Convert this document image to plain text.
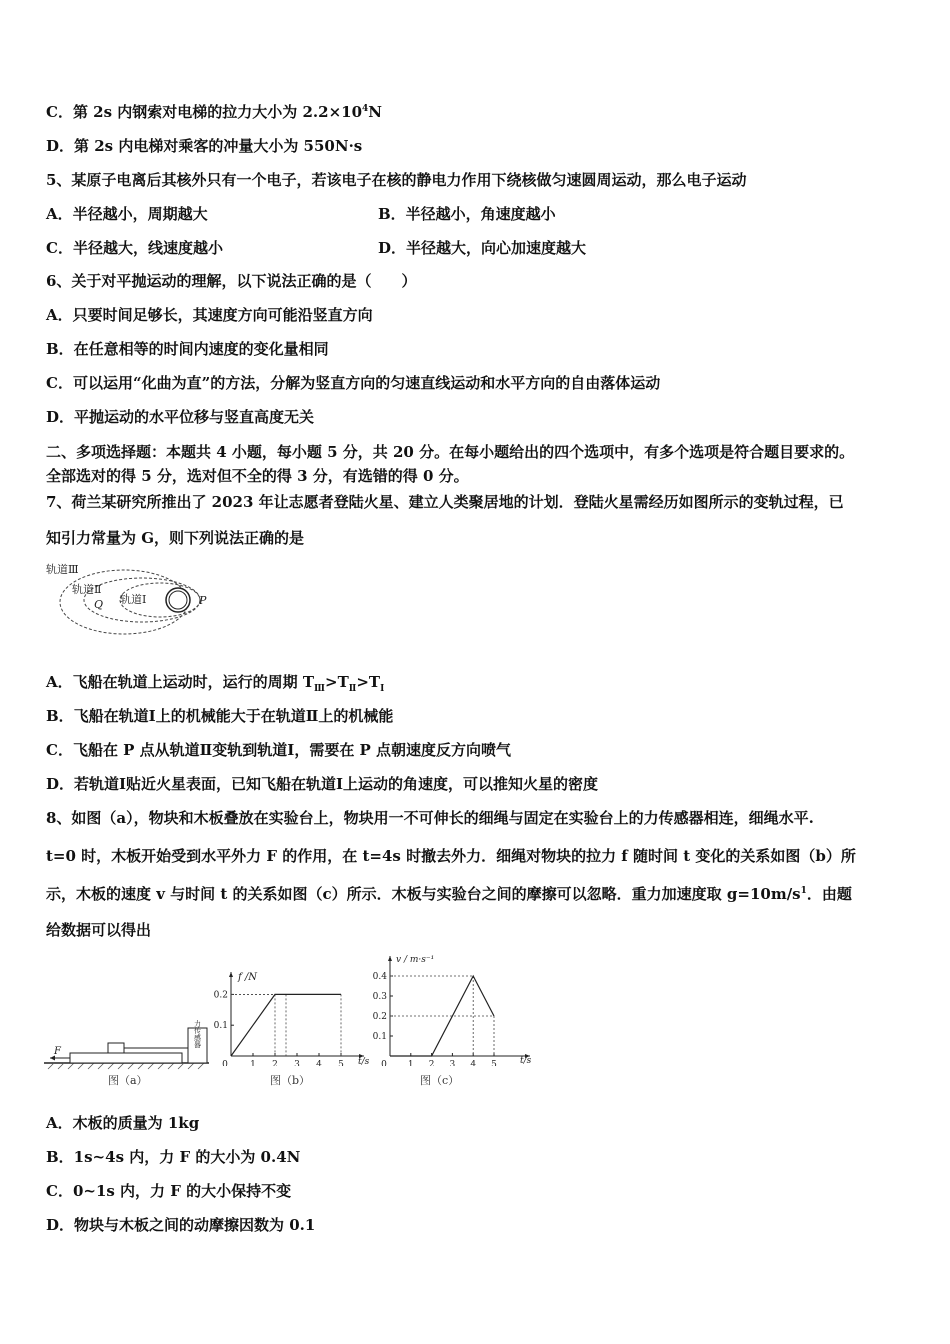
C．第 2s 内钢索对电梯的拉力大小为 $2.2\times 10^4N$
D．第 2s 内电梯对乘客的冲量大小为 550N·s
5、某原子电离后其核外只有一个电子，若该电子在核的静电力作用下绕核做匀速圆周运动，那么电子运动
A．半径越小，周期越大	B．半径越小，角速度越小
C．半径越大，线速度越小	D．半径越大，向心加速度越大
6、关于对平抛运动的理解，以下说法正确的是（　　）
A．只要时间足够长，其速度方向可能沿竖直方向
B．在任意相等的时间内速度的变化量相同
C．可以运用“化曲为直”的方法，分解为竖直方向的匀速直线运动和水平方向的自由落体运动
D．平抛运动的水平位移与竖直高度无关
二、多项选择题：本题共 4 小题，每小题 5 分，共 20 分。在每小题给出的四个选项中，有多个选项是符合题目要求的。
全部选对的得 5 分，选对但不全的得 3 分，有选错的得 0 分。
7、荷兰某研究所推出了 2023 年让志愿者登陆火星、建立人类聚居地的计划．登陆火星需经历如图所示的变轨过程，已
知引力常量为 G，则下列说法正确的是
轨道Ⅲ
轨道Ⅱ
轨道Ⅰ
Q	P
A．飞船在轨道上运动时，运行的周期 $T_Ⅲ>T_Ⅱ>T_Ⅰ$
B．飞船在轨道Ⅰ上的机械能大于在轨道Ⅱ上的机械能
C．飞船在 P 点从轨道Ⅱ变轨到轨道Ⅰ，需要在 P 点朝速度反方向喷气
D．若轨道Ⅰ贴近火星表面，已知飞船在轨道Ⅰ上运动的角速度，可以推知火星的密度
8、如图（a），物块和木板叠放在实验台上，物块用一不可伸长的细绳与固定在实验台上的力传感器相连，细绳水平.
t=0 时，木板开始受到水平外力 F 的作用，在 t=4s 时撤去外力．细绳对物块的拉力 f 随时间 t 变化的关系如图（b）所
示，木板的速度 v 与时间 t 的关系如图（c）所示．木板与实验台之间的摩擦可以忽略．重力加速度取 $g=10m/s^1$．由题
给数据可以得出
力传感器
F
图（a）
f /N
t/s
0 1 2 3 4 5
0.2
0.1
图（b）
v / m·s⁻¹
t/s
0 1 2 3 4 5
0.4
0.3
0.2
0.1
图（c）
A．木板的质量为 1kg
B．1s~4s 内，力 F 的大小为 0.4N
C．0~1s 内，力 F 的大小保持不变
D．物块与木板之间的动摩擦因数为 0.1
